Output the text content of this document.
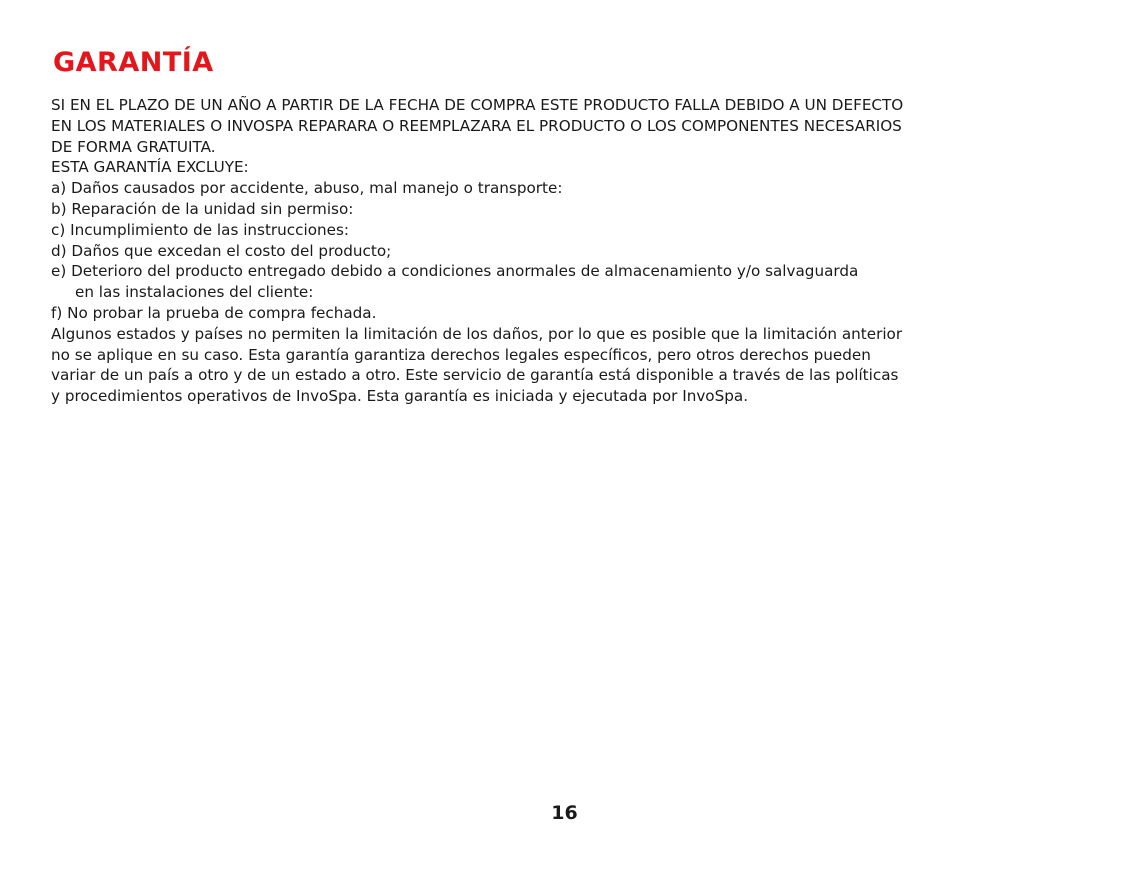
GARANTÍA
SI EN EL PLAZO DE UN AÑO A PARTIR DE LA FECHA DE COMPRA ESTE PRODUCTO FALLA DEBIDO A UN DEFECTO
EN LOS MATERIALES O INVOSPA REPARARA O REEMPLAZARA EL PRODUCTO O LOS COMPONENTES NECESARIOS
DE FORMA GRATUITA.
ESTA GARANTÍA EXCLUYE:
a) Daños causados por accidente, abuso, mal manejo o transporte:
b) Reparación de la unidad sin permiso:
c) Incumplimiento de las instrucciones:
d) Daños que excedan el costo del producto;
e) Deterioro del producto entregado debido a condiciones anormales de almacenamiento y/o salvaguarda
en las instalaciones del cliente:
f) No probar la prueba de compra fechada.
Algunos estados y países no permiten la limitación de los daños, por lo que es posible que la limitación anterior
no se aplique en su caso. Esta garantía garantiza derechos legales específicos, pero otros derechos pueden
variar de un país a otro y de un estado a otro. Este servicio de garantía está disponible a través de las políticas
y procedimientos operativos de InvoSpa. Esta garantía es iniciada y ejecutada por InvoSpa.
16
